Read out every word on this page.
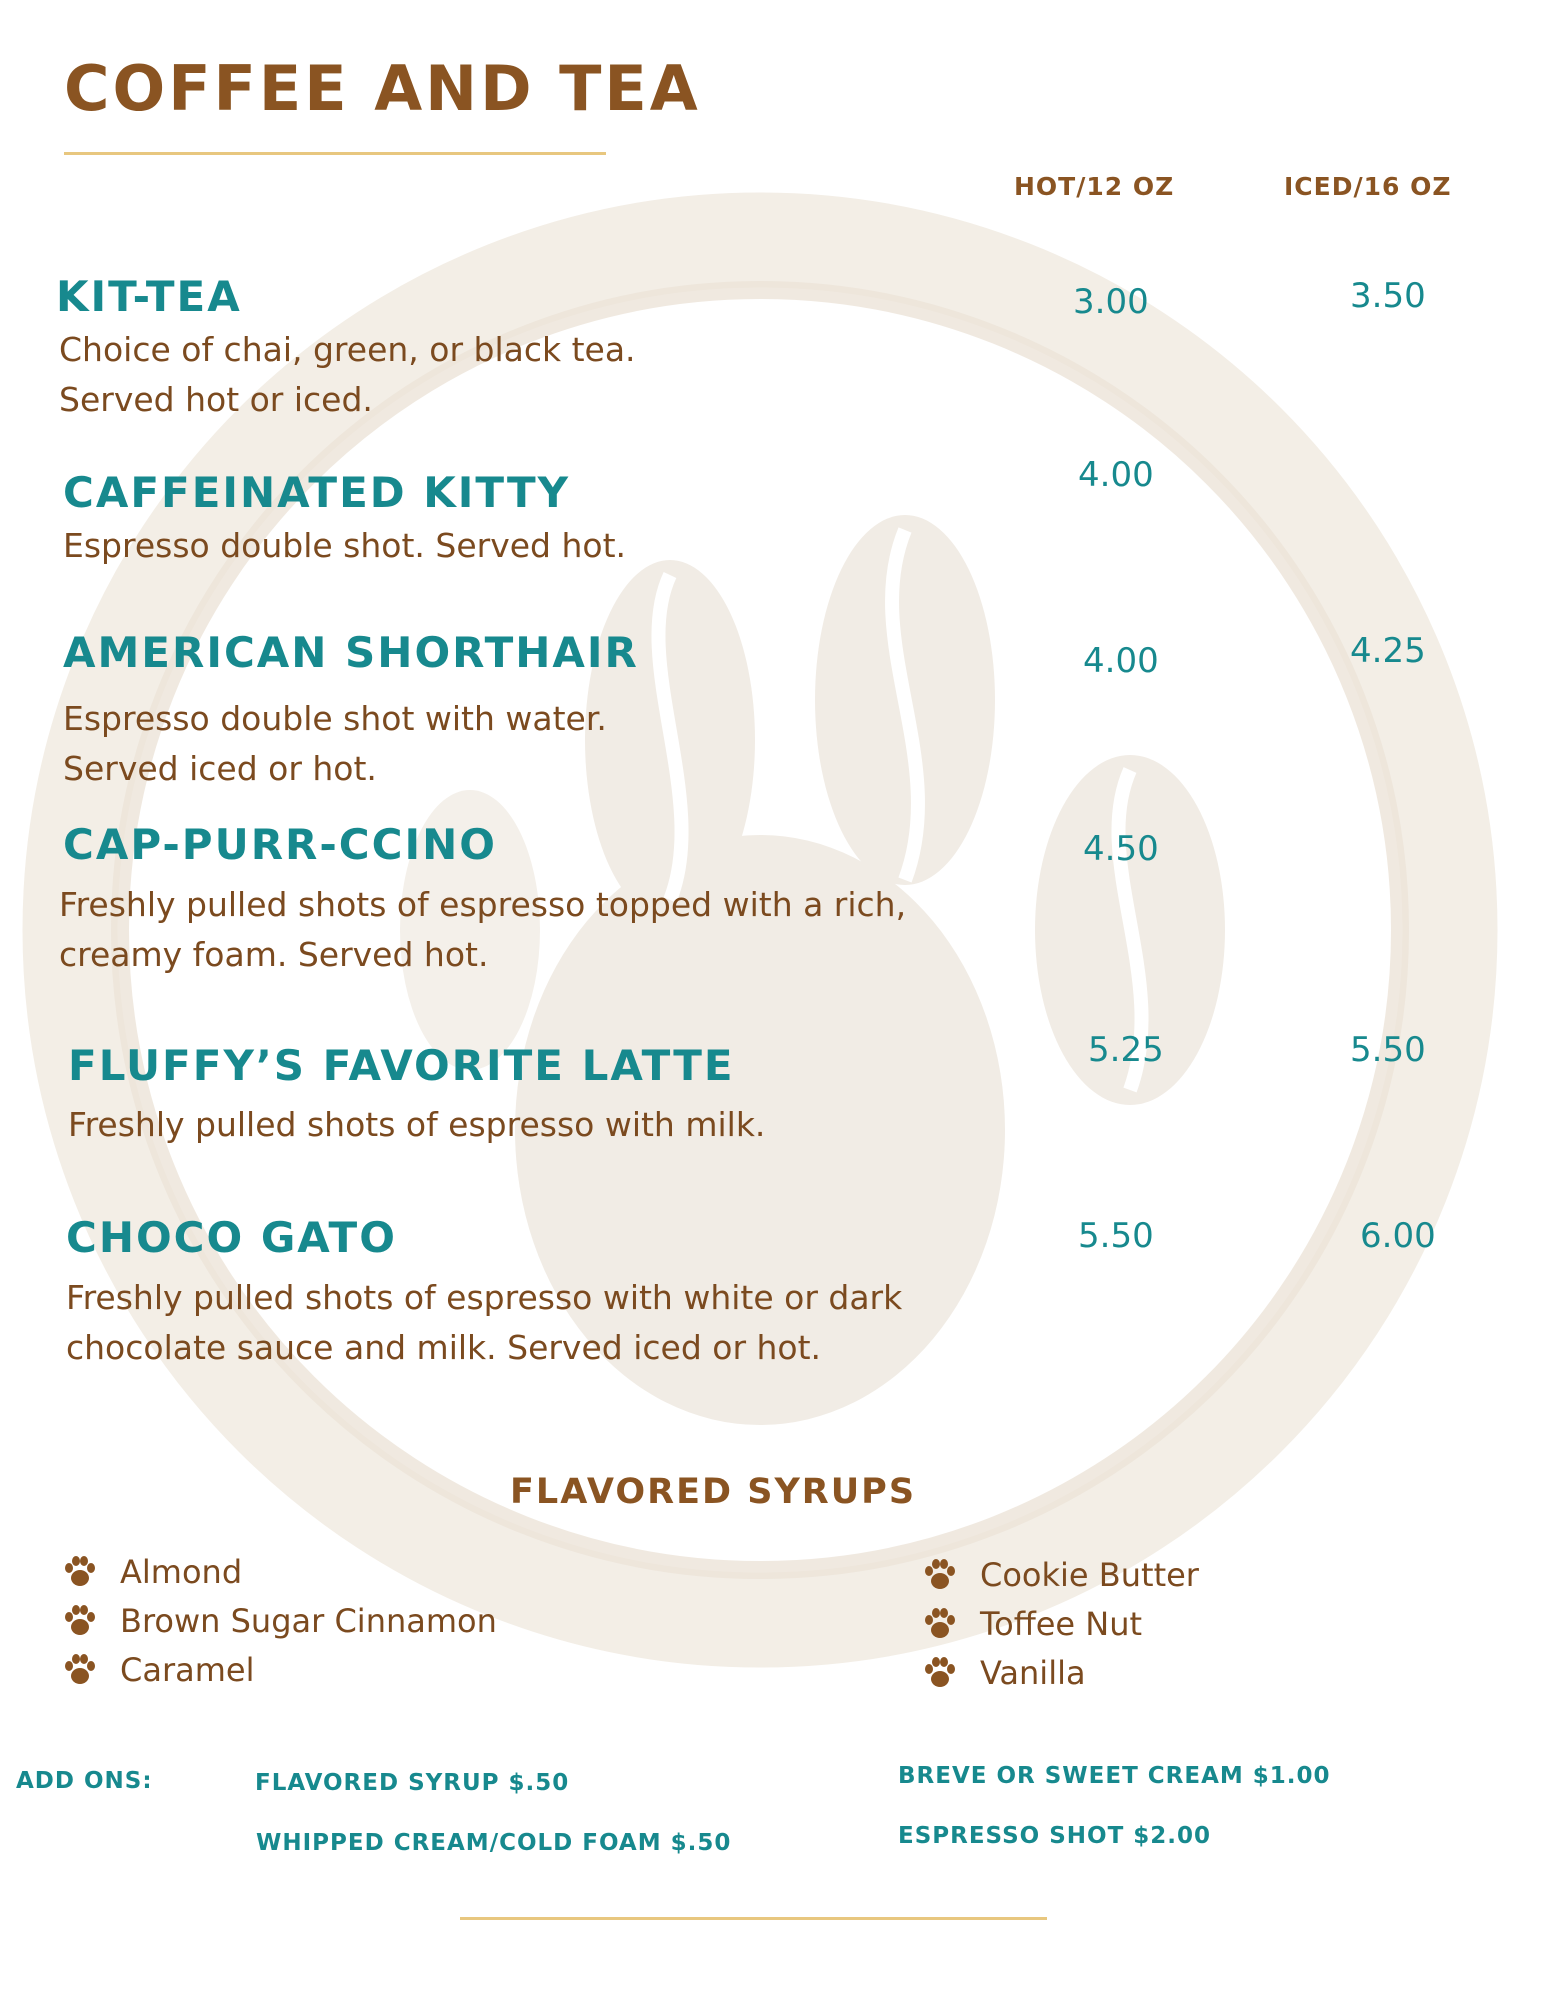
COFFEE AND TEA
HOT/12 OZ	ICED/16 OZ
KIT-TEA

Choice of chai, green, or black tea.
Served hot or iced.

3.00	3.50
CAFFEINATED KITTY

Espresso double shot. Served hot.

4.00
AMERICAN SHORTHAIR

Espresso double shot with water.
Served iced or hot.

4.00	4.25
CAP-PURR-CCINO

Freshly pulled shots of espresso topped with a rich,
creamy foam. Served hot.

4.50
FLUFFY’S FAVORITE LATTE

Freshly pulled shots of espresso with milk.

5.25	5.50
CHOCO GATO

Freshly pulled shots of espresso with white or dark
chocolate sauce and milk. Served iced or hot.

5.50	6.00
FLAVORED SYRUPS
Almond
Brown Sugar Cinnamon
Caramel
Cookie Butter
Toffee Nut
Vanilla
ADD ONS:	FLAVORED SYRUP $.50
WHIPPED CREAM/COLD FOAM $.50
BREVE OR SWEET CREAM $1.00
ESPRESSO SHOT $2.00
